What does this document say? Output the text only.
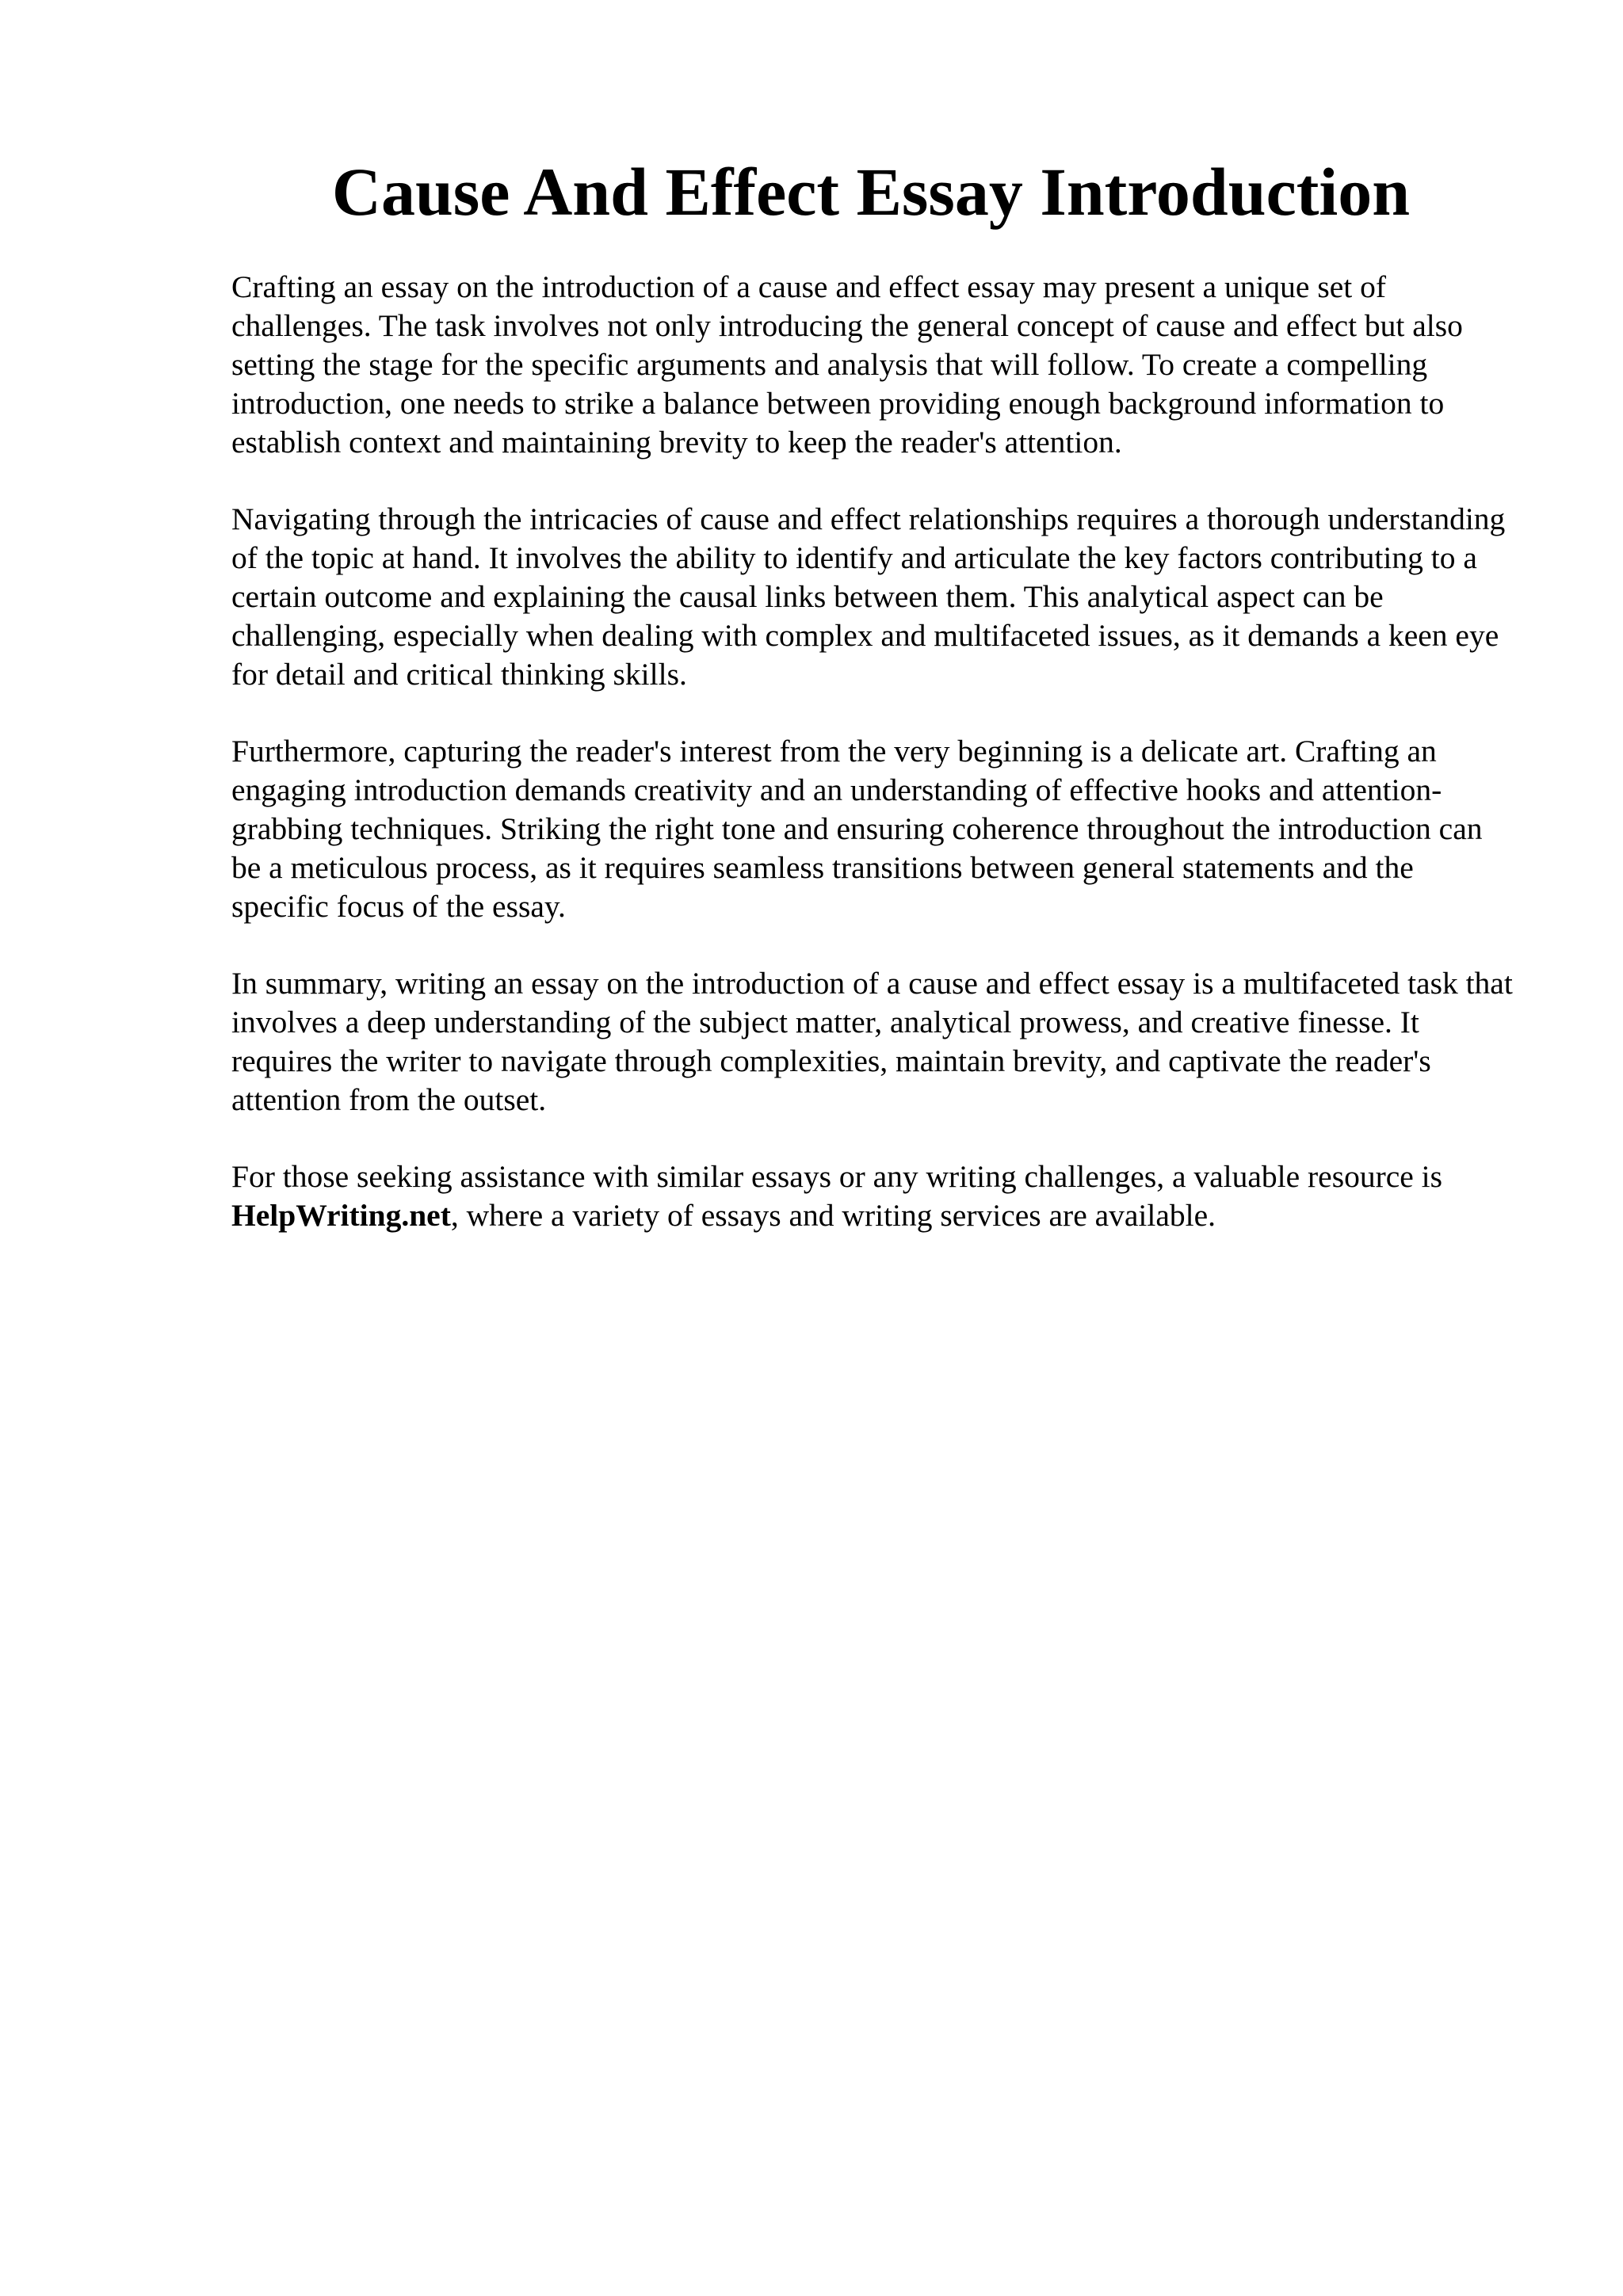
Cause And Effect Essay Introduction

Crafting an essay on the introduction of a cause and effect essay may present a unique set of challenges. The task involves not only introducing the general concept of cause and effect but also setting the stage for the specific arguments and analysis that will follow. To create a compelling introduction, one needs to strike a balance between providing enough background information to establish context and maintaining brevity to keep the reader's attention.

Navigating through the intricacies of cause and effect relationships requires a thorough understanding of the topic at hand. It involves the ability to identify and articulate the key factors contributing to a certain outcome and explaining the causal links between them. This analytical aspect can be challenging, especially when dealing with complex and multifaceted issues, as it demands a keen eye for detail and critical thinking skills.

Furthermore, capturing the reader's interest from the very beginning is a delicate art. Crafting an engaging introduction demands creativity and an understanding of effective hooks and attention-grabbing techniques. Striking the right tone and ensuring coherence throughout the introduction can be a meticulous process, as it requires seamless transitions between general statements and the specific focus of the essay.

In summary, writing an essay on the introduction of a cause and effect essay is a multifaceted task that involves a deep understanding of the subject matter, analytical prowess, and creative finesse. It requires the writer to navigate through complexities, maintain brevity, and captivate the reader's attention from the outset.

For those seeking assistance with similar essays or any writing challenges, a valuable resource is HelpWriting.net, where a variety of essays and writing services are available.
